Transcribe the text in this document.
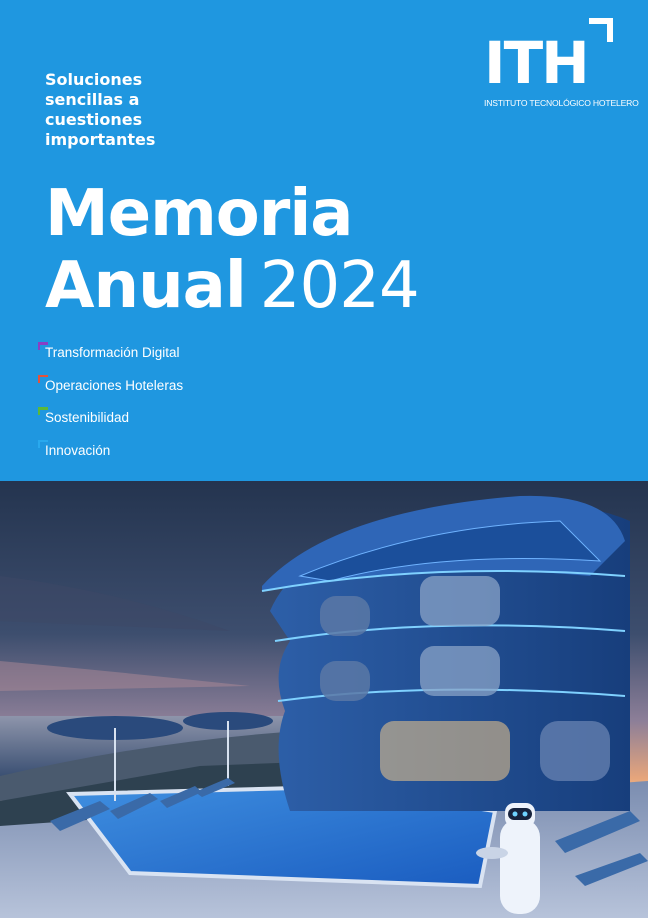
ITH
INSTITUTO TECNOLÓGICO HOTELERO
Soluciones
sencillas a
cuestiones
importantes
Memoria
Anual 2024
Transformación Digital
Operaciones Hoteleras
Sostenibilidad
Innovación
